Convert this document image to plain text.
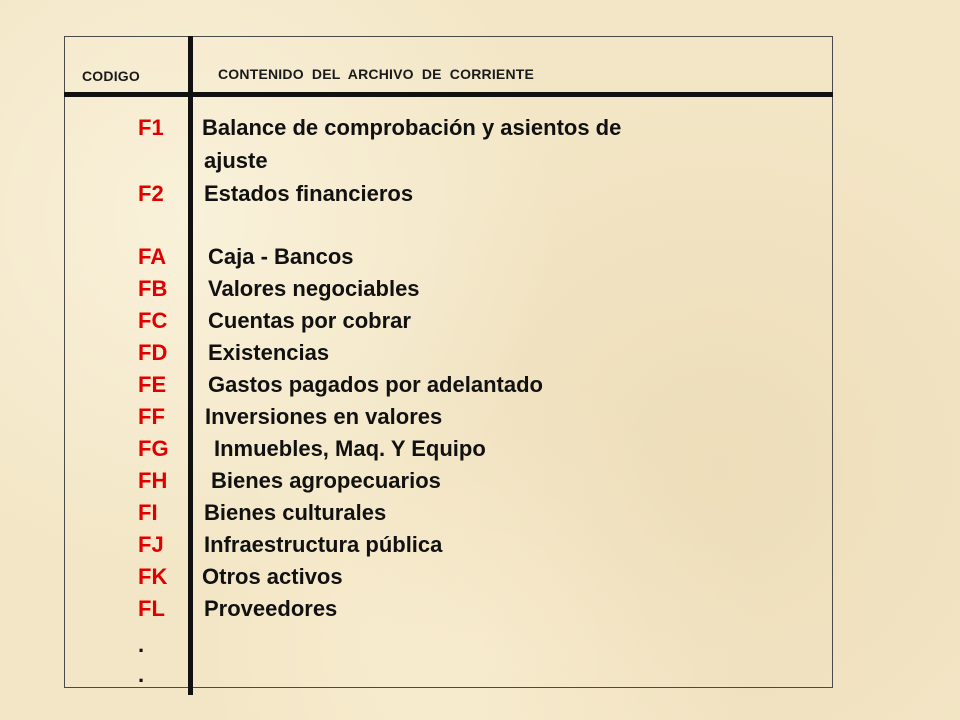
CODIGO	CONTENIDO DEL ARCHIVO DE CORRIENTE
F1 Balance de comprobación y asientos de
ajuste
F2 Estados financieros
FA Caja - Bancos
FB Valores negociables
FC Cuentas por cobrar
FD Existencias
FE Gastos pagados por adelantado
FF Inversiones en valores
FG Inmuebles, Maq. Y Equipo
FH Bienes agropecuarios
FI Bienes culturales
FJ Infraestructura pública
FK Otros activos
FL Proveedores
.
.
